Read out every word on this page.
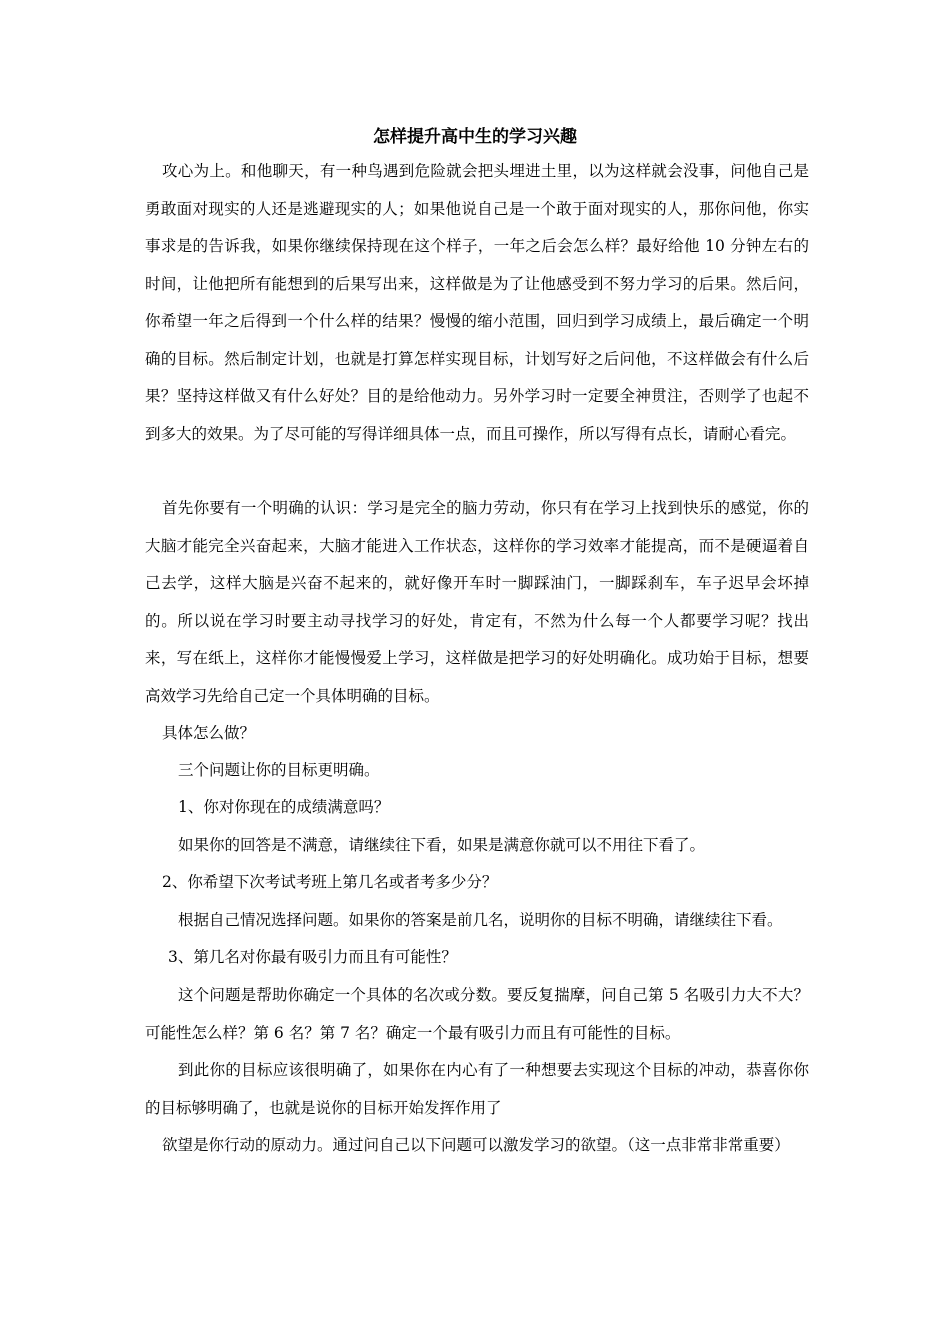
怎样提升高中生的学习兴趣
攻心为上。和他聊天，有一种鸟遇到危险就会把头埋进土里，以为这样就会没事，问他自己是勇敢面对现实的人还是逃避现实的人；如果他说自己是一个敢于面对现实的人，那你问他，你实事求是的告诉我，如果你继续保持现在这个样子，一年之后会怎么样？最好给他 10 分钟左右的时间，让他把所有能想到的后果写出来，这样做是为了让他感受到不努力学习的后果。然后问，你希望一年之后得到一个什么样的结果？慢慢的缩小范围，回归到学习成绩上，最后确定一个明确的目标。然后制定计划，也就是打算怎样实现目标，计划写好之后问他，不这样做会有什么后果？坚持这样做又有什么好处？目的是给他动力。另外学习时一定要全神贯注，否则学了也起不到多大的效果。为了尽可能的写得详细具体一点，而且可操作，所以写得有点长，请耐心看完。
首先你要有一个明确的认识：学习是完全的脑力劳动，你只有在学习上找到快乐的感觉，你的大脑才能完全兴奋起来，大脑才能进入工作状态，这样你的学习效率才能提高，而不是硬逼着自己去学，这样大脑是兴奋不起来的，就好像开车时一脚踩油门，一脚踩刹车，车子迟早会坏掉的。所以说在学习时要主动寻找学习的好处，肯定有，不然为什么每一个人都要学习呢？找出来，写在纸上，这样你才能慢慢爱上学习，这样做是把学习的好处明确化。成功始于目标，想要高效学习先给自己定一个具体明确的目标。
具体怎么做？
三个问题让你的目标更明确。
1、你对你现在的成绩满意吗？
如果你的回答是不满意，请继续往下看，如果是满意你就可以不用往下看了。
2、你希望下次考试考班上第几名或者考多少分？
根据自己情况选择问题。如果你的答案是前几名，说明你的目标不明确，请继续往下看。
3、第几名对你最有吸引力而且有可能性？
这个问题是帮助你确定一个具体的名次或分数。要反复揣摩，问自己第 5 名吸引力大不大？可能性怎么样？第 6 名？第 7 名？确定一个最有吸引力而且有可能性的目标。
到此你的目标应该很明确了，如果你在内心有了一种想要去实现这个目标的冲动，恭喜你你的目标够明确了，也就是说你的目标开始发挥作用了
欲望是你行动的原动力。通过问自己以下问题可以激发学习的欲望。（这一点非常非常重要）
